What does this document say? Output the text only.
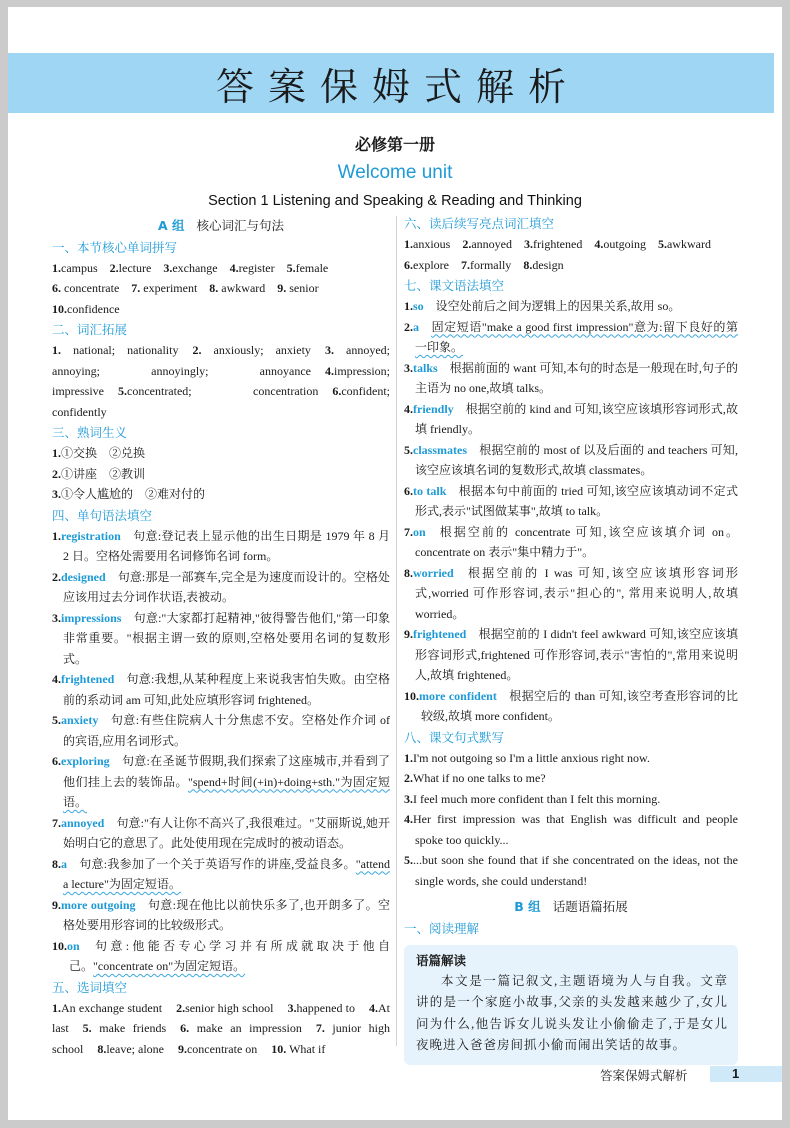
答案保姆式解析
必修第一册
Welcome unit
Section 1 Listening and Speaking & Reading and Thinking
A 组 核心词汇与句法
一、本节核心单词拼写
1.campus 2.lecture 3.exchange 4.register 5.female
6. concentrate 7. experiment 8. awkward 9. senior
10.confidence
二、词汇拓展
1. national; nationality 2. anxiously; anxiety 3. annoyed; annoying; annoyingly; annoyance 4.impression; impressive 5.concentrated; concentration 6.confident; confidently
三、熟词生义
1.①交换　②兑换
2.①讲座　②教训
3.①令人尴尬的　②难对付的
四、单句语法填空
1.registration 句意:登记表上显示他的出生日期是 1979 年 8 月 2 日。空格处需要用名词修饰名词 form。
2.designed 句意:那是一部赛车,完全是为速度而设计的。空格处应该用过去分词作状语,表被动。
3.impressions 句意:"大家都打起精神,"彼得警告他们,"第一印象非常重要。"根据主谓一致的原则,空格处要用名词的复数形式。
4.frightened 句意:我想,从某种程度上来说我害怕失败。由空格前的系动词 am 可知,此处应填形容词 frightened。
5.anxiety 句意:有些住院病人十分焦虑不安。空格处作介词 of 的宾语,应用名词形式。
6.exploring 句意:在圣诞节假期,我们探索了这座城市,并看到了他们挂上去的装饰品。"spend+时间(+in)+doing+sth."为固定短语。
7.annoyed 句意:"有人让你不高兴了,我很难过。"艾丽斯说,她开始明白它的意思了。此处使用现在完成时的被动语态。
8.a 句意:我参加了一个关于英语写作的讲座,受益良多。"attend a lecture"为固定短语。
9.more outgoing 句意:现在他比以前快乐多了,也开朗多了。空格处要用形容词的比较级形式。
10.on 句意:他能否专心学习并有所成就取决于他自己。"concentrate on"为固定短语。
五、选词填空
1.An exchange student 2.senior high school 3.happened to 4.At last 5. make friends 6. make an impression 7. junior high school 8.leave; alone 9.concentrate on 10. What if
六、读后续写亮点词汇填空
1.anxious 2.annoyed 3.frightened 4.outgoing 5.awkward
6.explore 7.formally 8.design
七、课文语法填空
1.so 设空处前后之间为逻辑上的因果关系,故用 so。
2.a 固定短语"make a good first impression"意为:留下良好的第一印象。
3.talks 根据前面的 want 可知,本句的时态是一般现在时,句子的主语为 no one,故填 talks。
4.friendly 根据空前的 kind and 可知,该空应该填形容词形式,故填 friendly。
5.classmates 根据空前的 most of 以及后面的 and teachers 可知, 该空应该填名词的复数形式,故填 classmates。
6.to talk 根据本句中前面的 tried 可知,该空应该填动词不定式形式,表示"试图做某事",故填 to talk。
7.on 根据空前的 concentrate 可知,该空应该填介词 on。concentrate on 表示"集中精力于"。
8.worried 根据空前的 I was 可知,该空应该填形容词形式,worried 可作形容词,表示"担心的", 常用来说明人,故填 worried。
9.frightened 根据空前的 I didn't feel awkward 可知,该空应该填形容词形式,frightened 可作形容词,表示"害怕的",常用来说明人,故填 frightened。
10.more confident 根据空后的 than 可知,该空考查形容词的比较级,故填 more confident。
八、课文句式默写
1.I'm not outgoing so I'm a little anxious right now.
2.What if no one talks to me?
3.I feel much more confident than I felt this morning.
4.Her first impression was that English was difficult and people spoke too quickly...
5....but soon she found that if she concentrated on the ideas, not the single words, she could understand!
B 组 话题语篇拓展
一、阅读理解
语篇解读
本文是一篇记叙文,主题语境为人与自我。文章讲的是一个家庭小故事,父亲的头发越来越少了,女儿问为什么,他告诉女儿说头发让小偷偷走了,于是女儿夜晚进入爸爸房间抓小偷而闹出笑话的故事。
答案保姆式解析	1
